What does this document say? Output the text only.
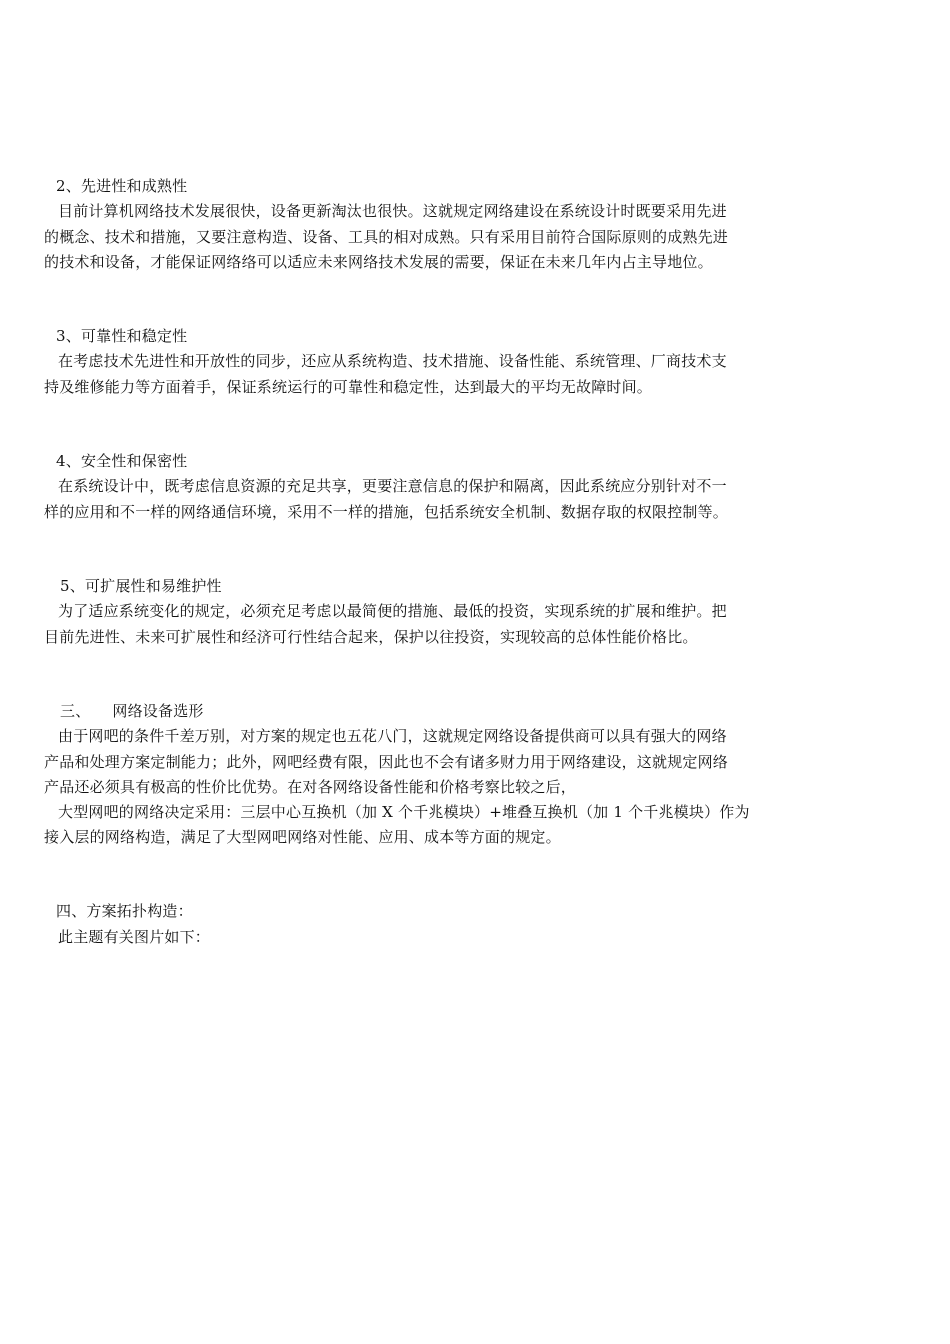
2、先进性和成熟性
目前计算机网络技术发展很快，设备更新淘汰也很快。这就规定网络建设在系统设计时既要采用先进
的概念、技术和措施，又要注意构造、设备、工具的相对成熟。只有采用目前符合国际原则的成熟先进
的技术和设备，才能保证网络络可以适应未来网络技术发展的需要，保证在未来几年内占主导地位。
3、可靠性和稳定性
在考虑技术先进性和开放性的同步，还应从系统构造、技术措施、设备性能、系统管理、厂商技术支
持及维修能力等方面着手，保证系统运行的可靠性和稳定性，达到最大的平均无故障时间。
4、安全性和保密性
在系统设计中，既考虑信息资源的充足共享，更要注意信息的保护和隔离，因此系统应分别针对不一
样的应用和不一样的网络通信环境，采用不一样的措施，包括系统安全机制、数据存取的权限控制等。
5、可扩展性和易维护性
为了适应系统变化的规定，必须充足考虑以最简便的措施、最低的投资，实现系统的扩展和维护。把
目前先进性、未来可扩展性和经济可行性结合起来，保护以往投资，实现较高的总体性能价格比。
三、 网络设备选形
由于网吧的条件千差万别，对方案的规定也五花八门，这就规定网络设备提供商可以具有强大的网络
产品和处理方案定制能力；此外，网吧经费有限，因此也不会有诸多财力用于网络建设，这就规定网络
产品还必须具有极高的性价比优势。在对各网络设备性能和价格考察比较之后，
大型网吧的网络决定采用：三层中心互换机（加 X 个千兆模块）+堆叠互换机（加 1 个千兆模块）作为
接入层的网络构造，满足了大型网吧网络对性能、应用、成本等方面的规定。
四、方案拓扑构造：
此主题有关图片如下：
